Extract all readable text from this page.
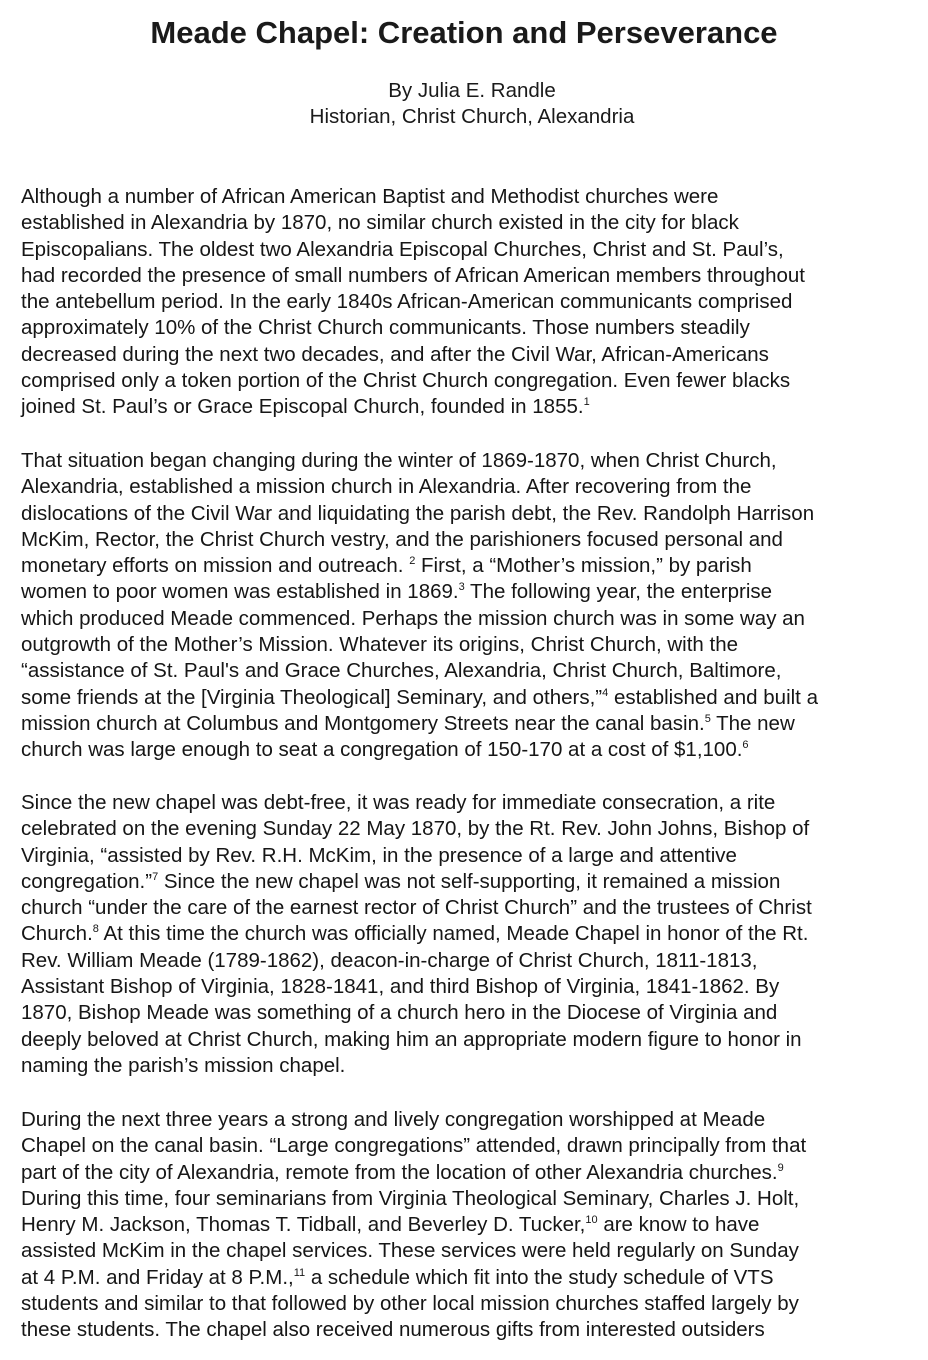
Meade Chapel: Creation and Perseverance
By Julia E. Randle
Historian, Christ Church, Alexandria
Although a number of African American Baptist and Methodist churches were
established in Alexandria by 1870, no similar church existed in the city for black
Episcopalians. The oldest two Alexandria Episcopal Churches, Christ and St. Paul’s,
had recorded the presence of small numbers of African American members throughout
the antebellum period. In the early 1840s African-American communicants comprised
approximately 10% of the Christ Church communicants. Those numbers steadily
decreased during the next two decades, and after the Civil War, African-Americans
comprised only a token portion of the Christ Church congregation. Even fewer blacks
joined St. Paul’s or Grace Episcopal Church, founded in 1855.$^1$
That situation began changing during the winter of 1869-1870, when Christ Church,
Alexandria, established a mission church in Alexandria. After recovering from the
dislocations of the Civil War and liquidating the parish debt, the Rev. Randolph Harrison
McKim, Rector, the Christ Church vestry, and the parishioners focused personal and
monetary efforts on mission and outreach. $^2$ First, a “Mother’s mission,” by parish
women to poor women was established in 1869.$^3$ The following year, the enterprise
which produced Meade commenced. Perhaps the mission church was in some way an
outgrowth of the Mother’s Mission. Whatever its origins, Christ Church, with the
“assistance of St. Paul's and Grace Churches, Alexandria, Christ Church, Baltimore,
some friends at the [Virginia Theological] Seminary, and others,”$^4$ established and built a
mission church at Columbus and Montgomery Streets near the canal basin.$^5$ The new
church was large enough to seat a congregation of 150-170 at a cost of $1,100.$^6$
Since the new chapel was debt-free, it was ready for immediate consecration, a rite
celebrated on the evening Sunday 22 May 1870, by the Rt. Rev. John Johns, Bishop of
Virginia, “assisted by Rev. R.H. McKim, in the presence of a large and attentive
congregation.”$^7$ Since the new chapel was not self-supporting, it remained a mission
church “under the care of the earnest rector of Christ Church” and the trustees of Christ
Church.$^8$ At this time the church was officially named, Meade Chapel in honor of the Rt.
Rev. William Meade (1789-1862), deacon-in-charge of Christ Church, 1811-1813,
Assistant Bishop of Virginia, 1828-1841, and third Bishop of Virginia, 1841-1862. By
1870, Bishop Meade was something of a church hero in the Diocese of Virginia and
deeply beloved at Christ Church, making him an appropriate modern figure to honor in
naming the parish’s mission chapel.
During the next three years a strong and lively congregation worshipped at Meade
Chapel on the canal basin. “Large congregations” attended, drawn principally from that
part of the city of Alexandria, remote from the location of other Alexandria churches.$^9$
During this time, four seminarians from Virginia Theological Seminary, Charles J. Holt,
Henry M. Jackson, Thomas T. Tidball, and Beverley D. Tucker,$^{10}$ are know to have
assisted McKim in the chapel services. These services were held regularly on Sunday
at 4 P.M. and Friday at 8 P.M.,$^{11}$ a schedule which fit into the study schedule of VTS
students and similar to that followed by other local mission churches staffed largely by
these students. The chapel also received numerous gifts from interested outsiders
